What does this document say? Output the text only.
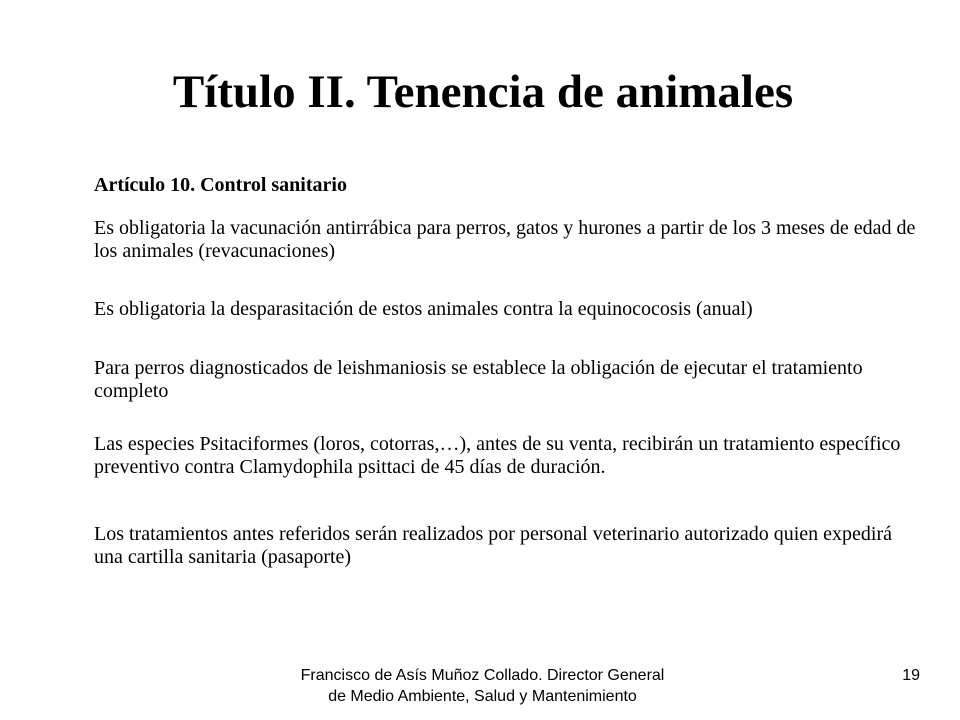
Título II. Tenencia de animales

Artículo 10. Control sanitario

Es obligatoria la vacunación antirrábica para perros, gatos y hurones a partir de los 3 meses de edad de los animales (revacunaciones)

Es obligatoria la desparasitación de estos animales contra la equinococosis (anual)

Para perros diagnosticados de leishmaniosis se establece la obligación de ejecutar el tratamiento completo

Las especies Psitaciformes (loros, cotorras,…), antes de su venta, recibirán un tratamiento específico preventivo contra Clamydophila psittaci de 45 días de duración.

Los tratamientos antes referidos serán realizados por personal veterinario autorizado quien expedirá una cartilla sanitaria (pasaporte)

Francisco de Asís Muñoz Collado. Director General de Medio Ambiente, Salud y Mantenimiento

19
